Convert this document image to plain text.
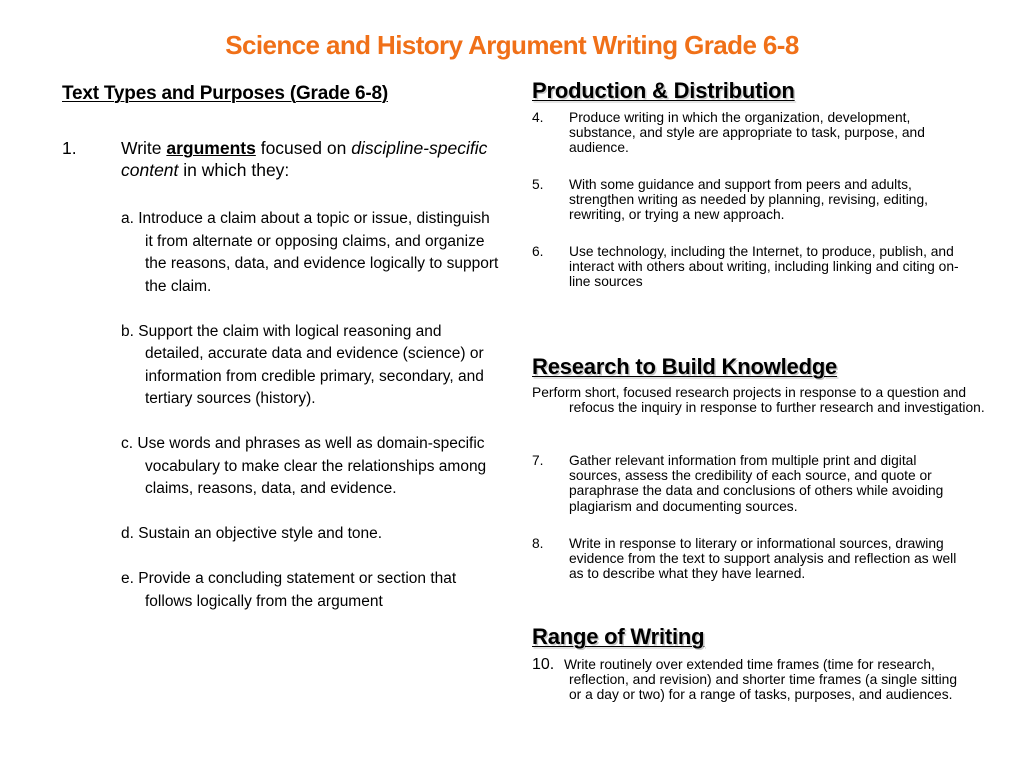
Science and History Argument Writing Grade 6-8
Text Types and Purposes (Grade 6-8)
1.	Write arguments focused on discipline-specific content in which they:
a. Introduce a claim about a topic or issue, distinguish it from alternate or opposing claims, and organize the reasons, data, and evidence logically to support the claim.
b. Support the claim with logical reasoning and detailed, accurate data and evidence (science) or information from credible primary, secondary, and tertiary sources (history).
c. Use words and phrases as well as domain-specific vocabulary to make clear the relationships among claims, reasons, data, and evidence.
d. Sustain an objective style and tone.
e. Provide a concluding statement or section that follows logically from the argument
Production & Distribution
4. Produce writing in which the organization, development, substance, and style are appropriate to task, purpose, and audience.
5. With some guidance and support from peers and adults, strengthen writing as needed by planning, revising, editing, rewriting, or trying a new approach.
6. Use technology, including the Internet, to produce, publish, and interact with others about writing, including linking and citing on-line sources
Research to Build Knowledge
Perform short, focused research projects in response to a question and refocus the inquiry in response to further research and investigation.
7. Gather relevant information from multiple print and digital sources, assess the credibility of each source, and quote or paraphrase the data and conclusions of others while avoiding plagiarism and documenting sources.
8. Write in response to literary or informational sources, drawing evidence from the text to support analysis and reflection as well as to describe what they have learned.
Range of Writing
10. Write routinely over extended time frames (time for research, reflection, and revision) and shorter time frames (a single sitting or a day or two) for a range of tasks, purposes, and audiences.
